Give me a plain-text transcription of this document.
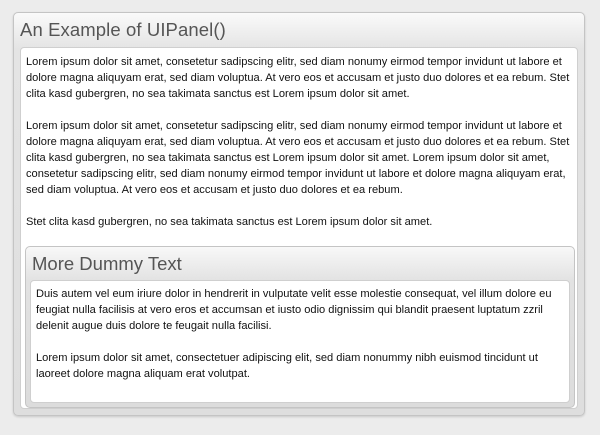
An Example of UIPanel()

Lorem ipsum dolor sit amet, consetetur sadipscing elitr, sed diam nonumy eirmod tempor invidunt ut labore et dolore magna aliquyam erat, sed diam voluptua. At vero eos et accusam et justo duo dolores et ea rebum. Stet clita kasd gubergren, no sea takimata sanctus est Lorem ipsum dolor sit amet.

Lorem ipsum dolor sit amet, consetetur sadipscing elitr, sed diam nonumy eirmod tempor invidunt ut labore et dolore magna aliquyam erat, sed diam voluptua. At vero eos et accusam et justo duo dolores et ea rebum. Stet clita kasd gubergren, no sea takimata sanctus est Lorem ipsum dolor sit amet. Lorem ipsum dolor sit amet, consetetur sadipscing elitr, sed diam nonumy eirmod tempor invidunt ut labore et dolore magna aliquyam erat, sed diam voluptua. At vero eos et accusam et justo duo dolores et ea rebum.

Stet clita kasd gubergren, no sea takimata sanctus est Lorem ipsum dolor sit amet.

More Dummy Text

Duis autem vel eum iriure dolor in hendrerit in vulputate velit esse molestie consequat, vel illum dolore eu feugiat nulla facilisis at vero eros et accumsan et iusto odio dignissim qui blandit praesent luptatum zzril delenit augue duis dolore te feugait nulla facilisi.

Lorem ipsum dolor sit amet, consectetuer adipiscing elit, sed diam nonummy nibh euismod tincidunt ut laoreet dolore magna aliquam erat volutpat.
